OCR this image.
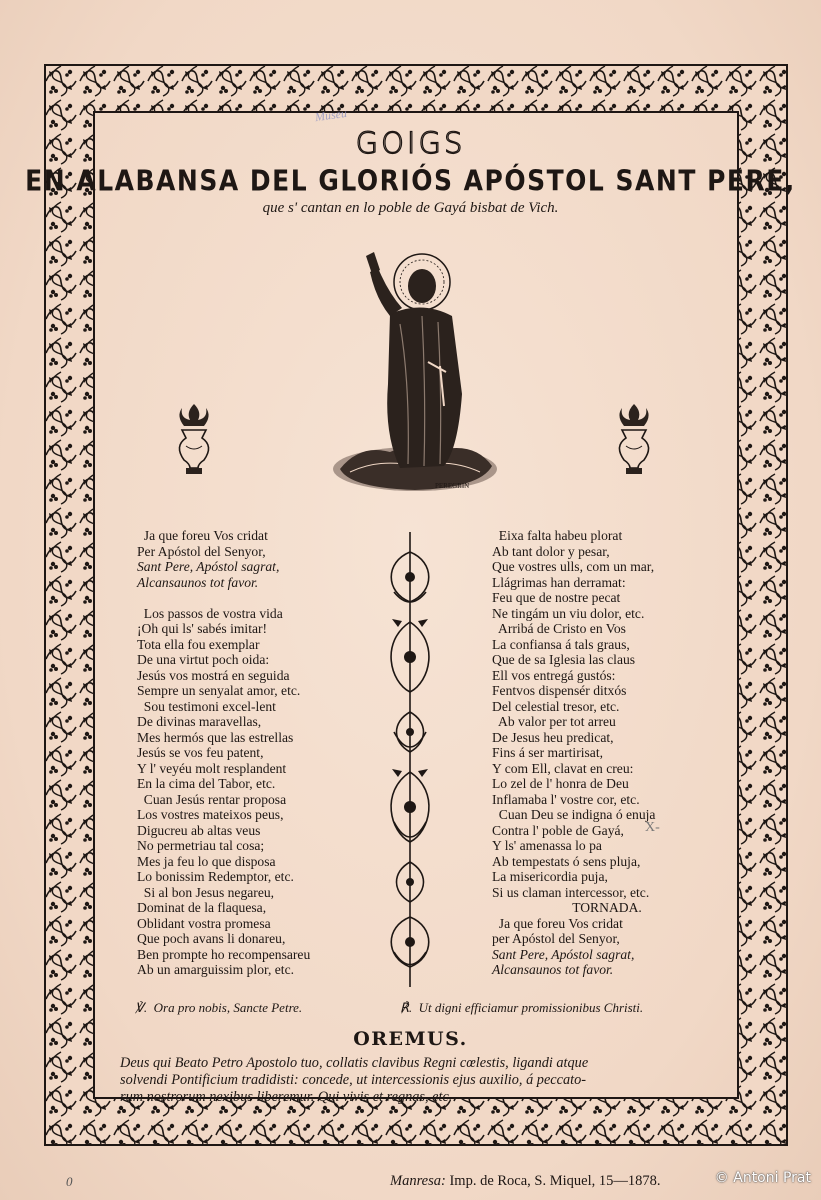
Museu
GOIGS
EN ALABANSA DEL GLORIÓS APÓSTOL SANT PERE,
que s' cantan en lo poble de Gayá bisbat de Vich.
PEREGRIN
Ja que foreu Vos cridat
Per Apóstol del Senyor,
Sant Pere, Apóstol sagrat,
Alcansaunos tot favor.

Los passos de vostra vida
¡Oh qui ls' sabés imitar!
Tota ella fou exemplar
De una virtut poch oida:
Jesús vos mostrá en seguida
Sempre un senyalat amor, etc.
Sou testimoni excel-lent
De divinas maravellas,
Mes hermós que las estrellas
Jesús se vos feu patent,
Y l' veyéu molt resplandent
En la cima del Tabor, etc.
Cuan Jesús rentar proposa
Los vostres mateixos peus,
Digucreu ab altas veus
No permetriau tal cosa;
Mes ja feu lo que disposa
Lo bonissim Redemptor, etc.
Si al bon Jesus negareu,
Dominat de la flaquesa,
Oblidant vostra promesa
Que poch avans li donareu,
Ben prompte ho recompensareu
Ab un amarguissim plor, etc.
Eixa falta habeu plorat
Ab tant dolor y pesar,
Que vostres ulls, com un mar,
Llágrimas han derramat:
Feu que de nostre pecat
Ne tingám un viu dolor, etc.
Arribá de Cristo en Vos
La confiansa á tals graus,
Que de sa Iglesia las claus
Ell vos entregá gustós:
Fentvos dispensér ditxós
Del celestial tresor, etc.
Ab valor per tot arreu
De Jesus heu predicat,
Fins á ser martirisat,
Y com Ell, clavat en creu:
Lo zel de l' honra de Deu
Inflamaba l' vostre cor, etc.
Cuan Deu se indigna ó enuja
Contra l' poble de Gayá,
Y ls' amenassa lo pa
Ab tempestats ó sens pluja,
La misericordia puja,
Si us claman intercessor, etc.
TORNADA.
Ja que foreu Vos cridat
per Apóstol del Senyor,
Sant Pere, Apóstol sagrat,
Alcansaunos tot favor.
X-
℣.  Ora pro nobis, Sancte Petre.	℟.  Ut digni efficiamur promissionibus Christi.
OREMUS.
Deus qui Beato Petro Apostolo tuo, collatis clavibus Regni cœlestis, ligandi atque
solvendi Pontificium tradidisti: concede, ut intercessionis ejus auxilio, á peccato-
rum nostrorum nexibus liberemur. Qui vivis et regnas, etc.
0	Manresa: Imp. de Roca, S. Miquel, 15—1878.	© Antoni Prat
